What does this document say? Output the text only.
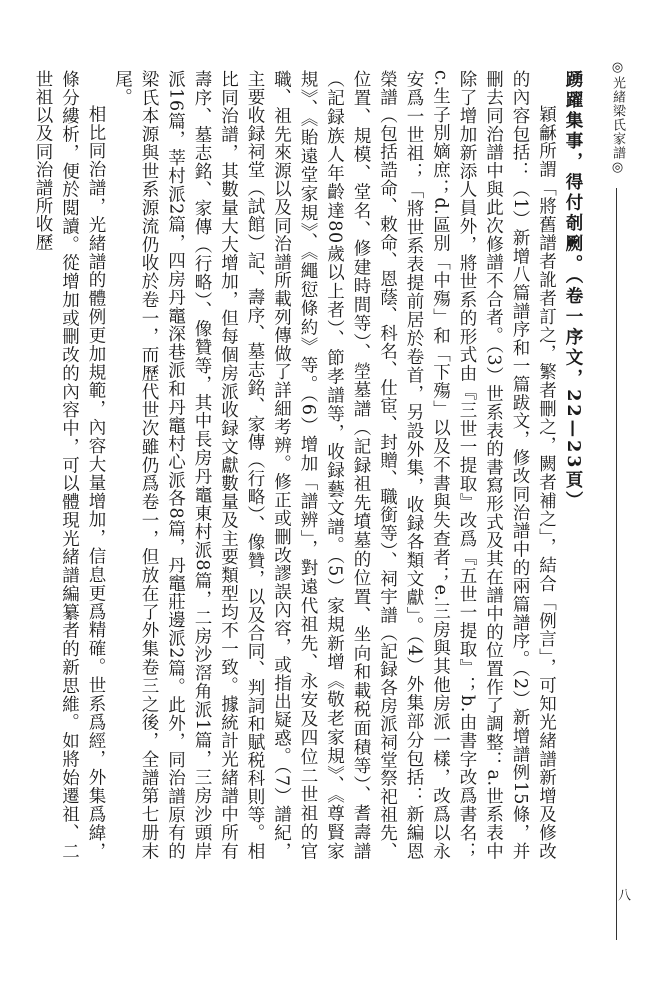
◎光緒梁氏家譜◎

踴躍集事，得付剞劂。（卷一序文，22—23頁）

穎龢所謂「將舊譜者訛者訂之，繁者刪之，闕者補之」，結合「例言」，可知光緒譜新增及修改的內容包括：（1）新增八篇譜序和一篇跋文，修改同治譜中的兩篇譜序。（2）新增譜例15條，并刪去同治譜中與此次修譜不合者。（3）世系表的書寫形式及其在譜中的位置作了調整：a.世系表中除了增加新添人員外，將世系的形式由『三世一提取』改爲『五世一提取』；b.由書字改爲書名；c.生子別嫡庶；d.區別「中殤」和「下殤」以及不書與失查者；e.三房與其他房派一樣，改爲以永安爲一世祖；「將世系表提前居於卷首，另設外集，收録各類文獻」。（4）外集部分包括：新編恩榮譜（包括誥命、敕命、恩蔭、科名、仕宦、封贈、職銜等）、祠宇譜（記録各房派祠堂祭祀祖先、位置、規模、堂名、修建時間等）、塋墓譜（記録祖先墳墓的位置、坐向和載税面積等）、耆壽譜（記録族人年齡達80歲以上者）、節孝譜等，收録藝文譜。（5）家規新增《敬老家規》、《尊賢家規》、《貽遠堂家規》、《繩愆條約》等。（6）增加「譜辨」，對遠代祖先、永安及四位二世祖的官職、祖先來源以及同治譜所載列傳做了詳細考辨。修正或刪改謬誤內容，或指出疑惑。（7）譜紀，主要收録祠堂（試館）記、壽序、墓志銘、家傳（行略）、像贊，以及合同、判詞和賦税科則等。相比同治譜，其數量大大增加，但每個房派收録文獻數量及主要類型均不一致。據統計光緒譜中所有壽序、墓志銘、家傳（行略）、像贊等，其中長房丹竈東村派8篇，二房沙滘角派1篇，三房沙頭岸派16篇，莘村派2篇，四房丹竈深巷派和丹竈村心派各8篇，丹竈莊邊派2篇。此外，同治譜原有的梁氏本源與世系源流仍收於卷一，而歷代世次雖仍爲卷一，但放在了外集卷三之後，全譜第七册末尾。

相比同治譜，光緒譜的體例更加規範，內容大量增加，信息更爲精確。世系爲經，外集爲緯，條分縷析，便於閲讀。從增加或刪改的內容中，可以體現光緒譜編纂者的新思維。如將始遷祖、二世祖以及同治譜所收歷

八
